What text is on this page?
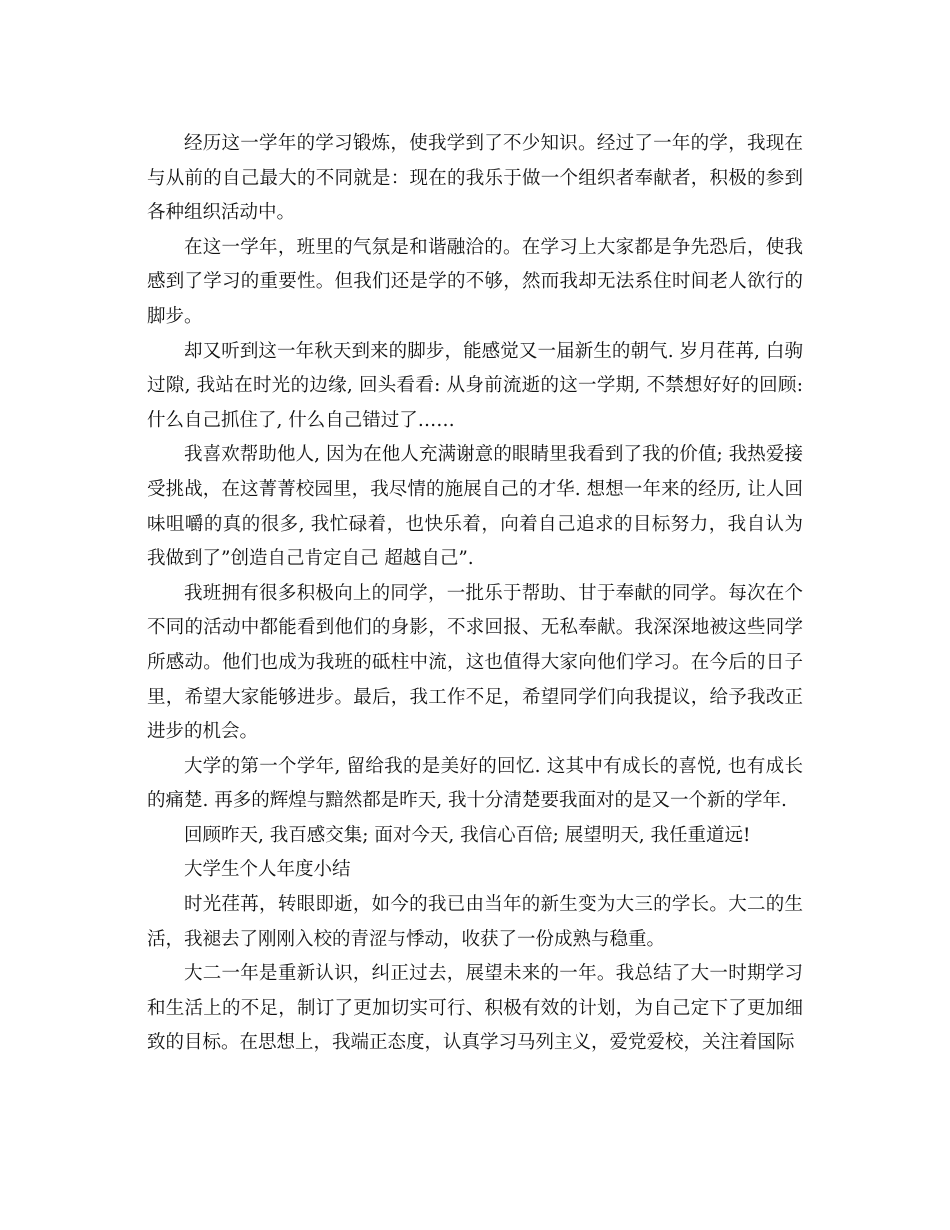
经历这一学年的学习锻炼，使我学到了不少知识。经过了一年的学，我现在与从前的自己最大的不同就是：现在的我乐于做一个组织者奉献者，积极的参到各种组织活动中。

在这一学年，班里的气氛是和谐融洽的。在学习上大家都是争先恐后，使我感到了学习的重要性。但我们还是学的不够，然而我却无法系住时间老人欲行的脚步。

却又听到这一年秋天到来的脚步，能感觉又一届新生的朝气. 岁月荏苒, 白驹过隙, 我站在时光的边缘, 回头看看: 从身前流逝的这一学期, 不禁想好好的回顾: 什么自己抓住了, 什么自己错过了……

我喜欢帮助他人, 因为在他人充满谢意的眼睛里我看到了我的价值; 我热爱接受挑战，在这菁菁校园里，我尽情的施展自己的才华. 想想一年来的经历, 让人回味咀嚼的真的很多, 我忙碌着，也快乐着，向着自己追求的目标努力，我自认为我做到了”创造自己肯定自己 超越自己”.

我班拥有很多积极向上的同学，一批乐于帮助、甘于奉献的同学。每次在个不同的活动中都能看到他们的身影，不求回报、无私奉献。我深深地被这些同学所感动。他们也成为我班的砥柱中流，这也值得大家向他们学习。在今后的日子里，希望大家能够进步。最后，我工作不足，希望同学们向我提议，给予我改正进步的机会。

大学的第一个学年, 留给我的是美好的回忆. 这其中有成长的喜悦, 也有成长的痛楚. 再多的辉煌与黯然都是昨天, 我十分清楚要我面对的是又一个新的学年.

回顾昨天, 我百感交集; 面对今天, 我信心百倍; 展望明天, 我任重道远!

大学生个人年度小结

时光荏苒，转眼即逝，如今的我已由当年的新生变为大三的学长。大二的生活，我褪去了刚刚入校的青涩与悸动，收获了一份成熟与稳重。

大二一年是重新认识，纠正过去，展望未来的一年。我总结了大一时期学习和生活上的不足，制订了更加切实可行、积极有效的计划，为自己定下了更加细致的目标。在思想上，我端正态度，认真学习马列主义，爱党爱校，关注着国际
